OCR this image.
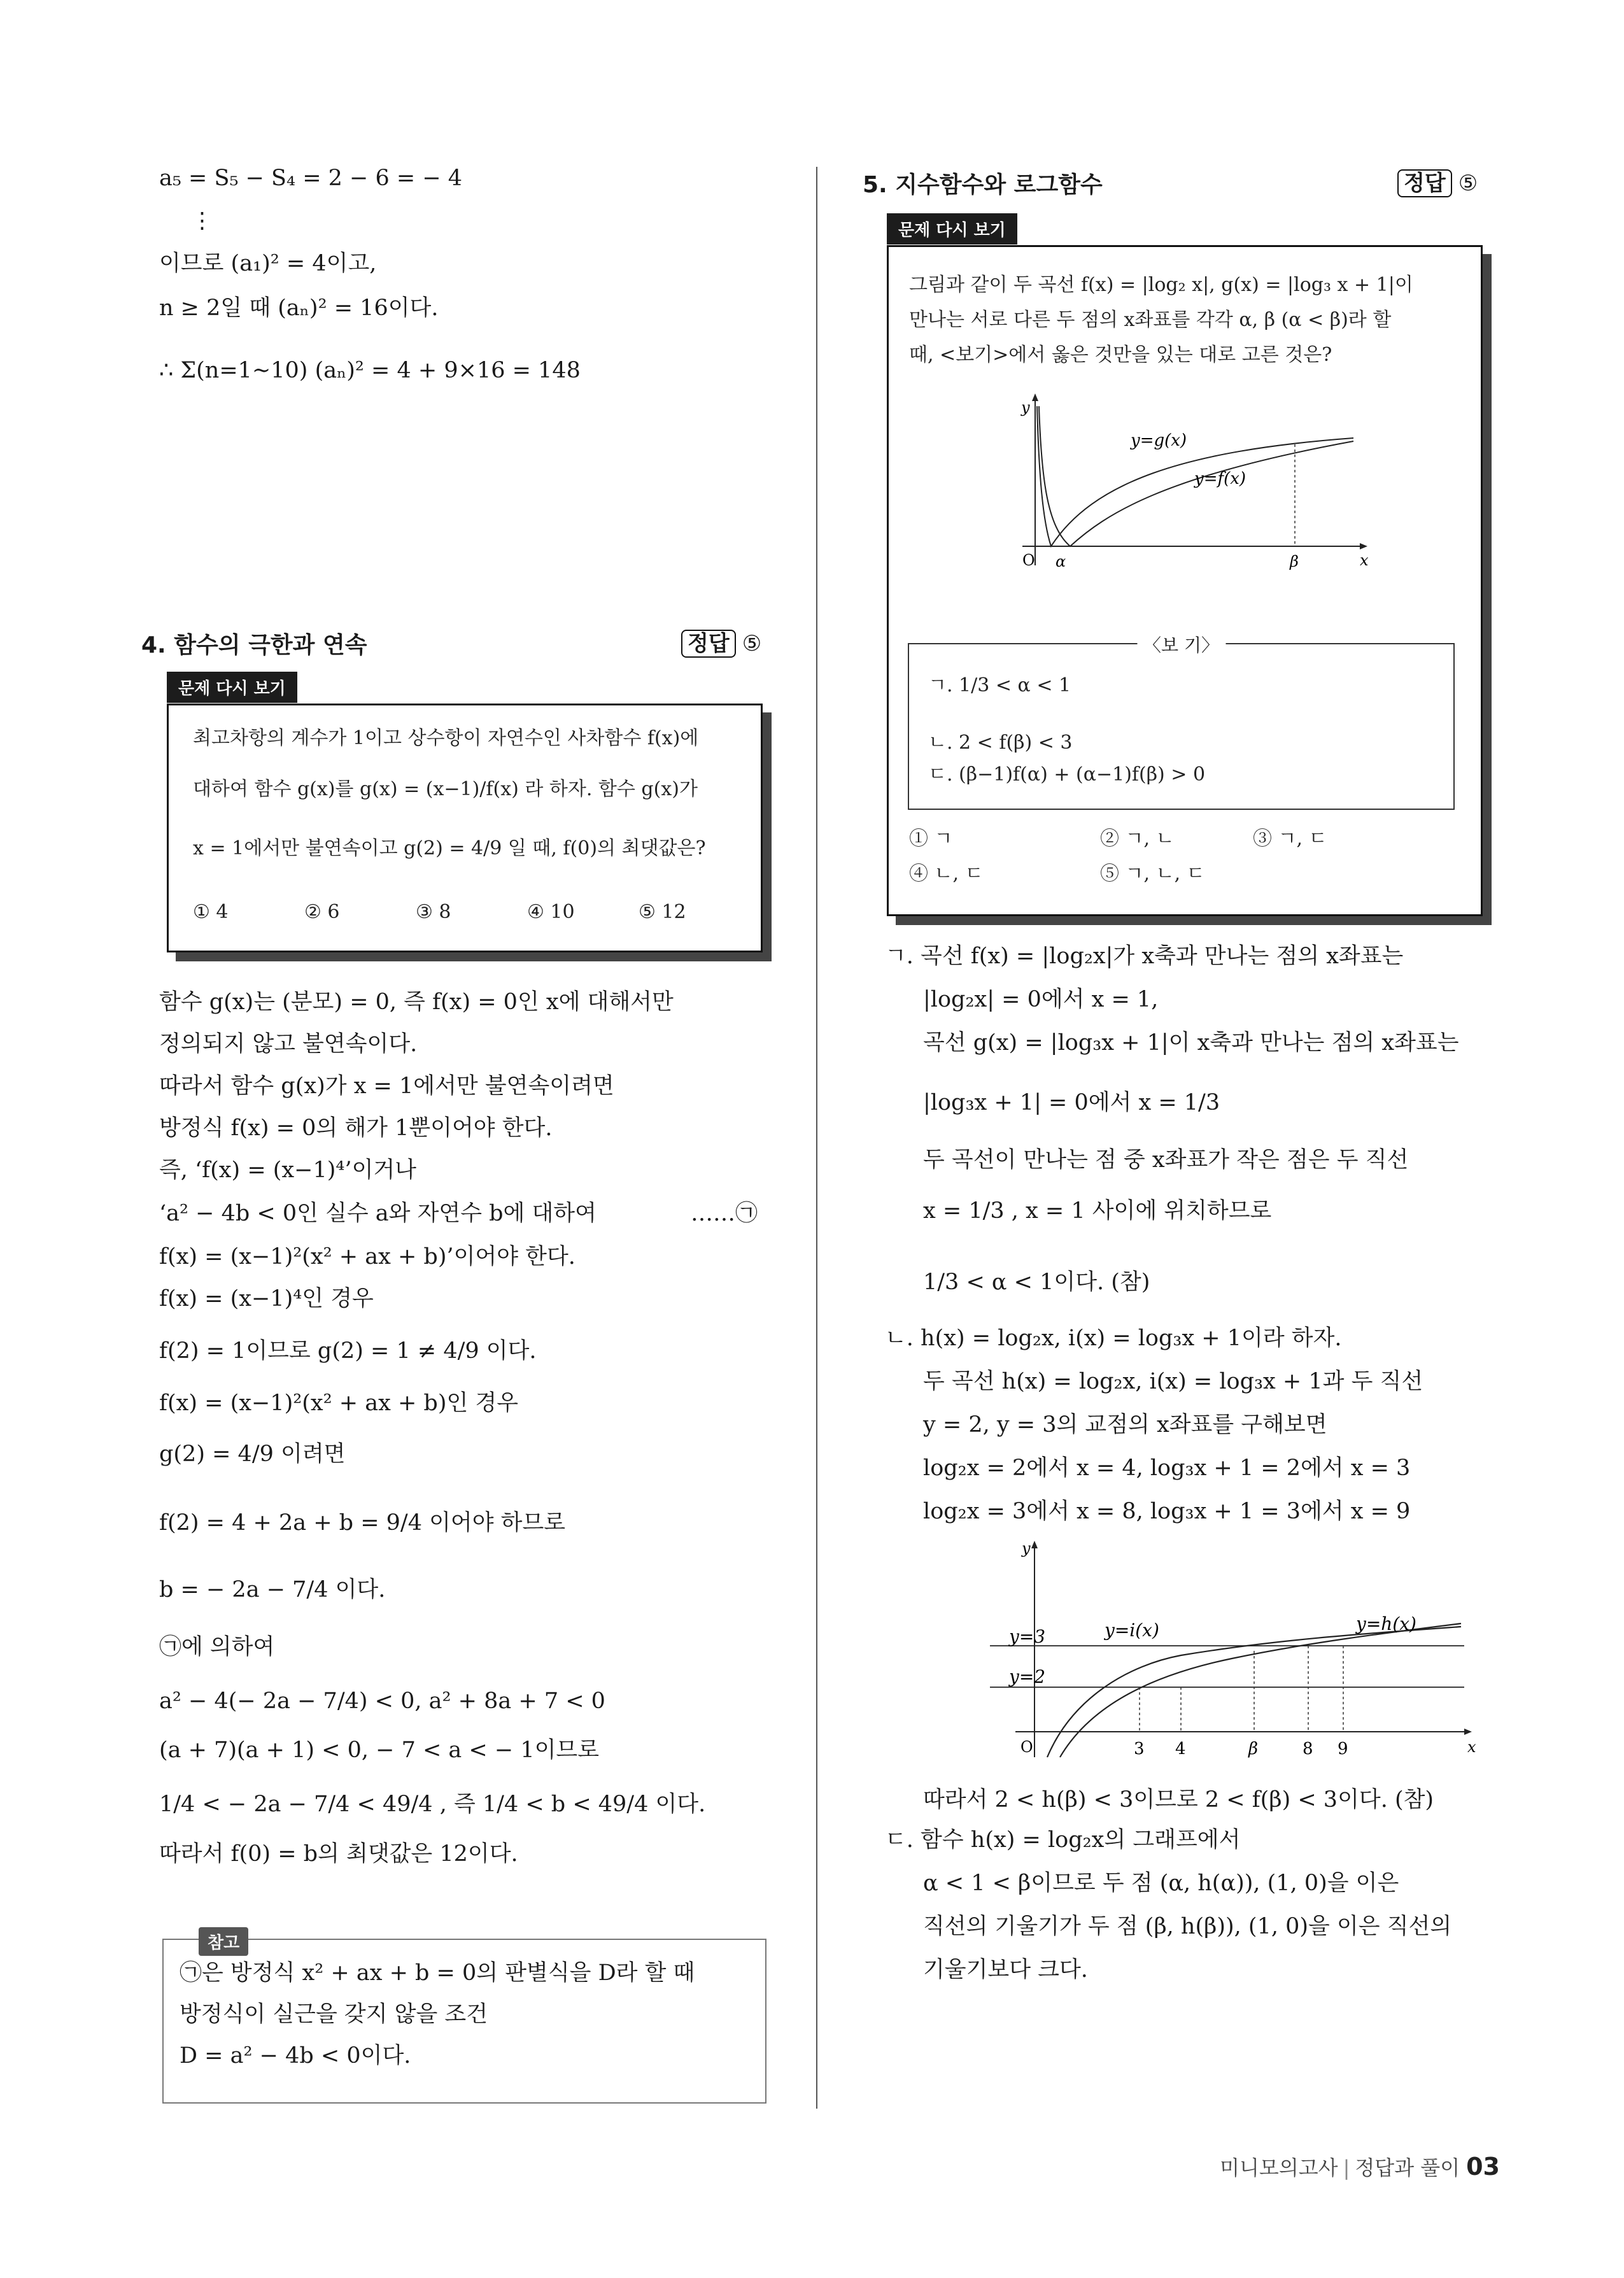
a₅ = S₅ − S₄ = 2 − 6 = − 4
⋮
이므로 (a₁)² = 4이고,
n ≥ 2일 때 (aₙ)² = 16이다.
∴ Σ(n=1~10) (aₙ)² = 4 + 9×16 = 148
4. 함수의 극한과 연속	정답 ⑤
문제 다시 보기
최고차항의 계수가 1이고 상수항이 자연수인 사차함수 f(x)에
대하여 함수 g(x)를 g(x) = (x−1)/f(x) 라 하자. 함수 g(x)가
x = 1에서만 불연속이고 g(2) = 4/9 일 때, f(0)의 최댓값은?
① 4	② 6	③ 8	④ 10	⑤ 12
함수 g(x)는 (분모) = 0, 즉 f(x) = 0인 x에 대해서만
정의되지 않고 불연속이다.
따라서 함수 g(x)가 x = 1에서만 불연속이려면
방정식 f(x) = 0의 해가 1뿐이어야 한다.
즉, ‘f(x) = (x−1)⁴’이거나
‘a² − 4b < 0인 실수 a와 자연수 b에 대하여	……㉠
f(x) = (x−1)²(x² + ax + b)’이어야 한다.
f(x) = (x−1)⁴인 경우
f(2) = 1이므로 g(2) = 1 ≠ 4/9 이다.
f(x) = (x−1)²(x² + ax + b)인 경우
g(2) = 4/9 이려면
f(2) = 4 + 2a + b = 9/4 이어야 하므로
b = − 2a − 7/4 이다.
㉠에 의하여
a² − 4(− 2a − 7/4) < 0, a² + 8a + 7 < 0
(a + 7)(a + 1) < 0, − 7 < a < − 1이므로
1/4 < − 2a − 7/4 < 49/4 , 즉 1/4 < b < 49/4 이다.
따라서 f(0) = b의 최댓값은 12이다.
참고
㉠은 방정식 x² + ax + b = 0의 판별식을 D라 할 때
방정식이 실근을 갖지 않을 조건
D = a² − 4b < 0이다.
5. 지수함수와 로그함수	정답 ⑤
문제 다시 보기
그림과 같이 두 곡선 f(x) = |log₂ x|, g(x) = |log₃ x + 1|이
만나는 서로 다른 두 점의 x좌표를 각각 α, β (α < β)라 할
때, <보기>에서 옳은 것만을 있는 대로 고른 것은?
y
x
O α	β
y=g(x)
y=f(x)
〈보 기〉
ㄱ. 1/3 < α < 1
ㄴ. 2 < f(β) < 3
ㄷ. (β−1)f(α) + (α−1)f(β) > 0
① ㄱ	② ㄱ, ㄴ	③ ㄱ, ㄷ
④ ㄴ, ㄷ	⑤ ㄱ, ㄴ, ㄷ
ㄱ. 곡선 f(x) = |log₂x|가 x축과 만나는 점의 x좌표는
|log₂x| = 0에서 x = 1,
곡선 g(x) = |log₃x + 1|이 x축과 만나는 점의 x좌표는
|log₃x + 1| = 0에서 x = 1/3
두 곡선이 만나는 점 중 x좌표가 작은 점은 두 직선
x = 1/3 , x = 1 사이에 위치하므로
1/3 < α < 1이다. (참)
ㄴ. h(x) = log₂x, i(x) = log₃x + 1이라 하자.
두 곡선 h(x) = log₂x, i(x) = log₃x + 1과 두 직선
y = 2, y = 3의 교점의 x좌표를 구해보면
log₂x = 2에서 x = 4, log₃x + 1 = 2에서 x = 3
log₂x = 3에서 x = 8, log₃x + 1 = 3에서 x = 9
y
x
O
y=3
y=2
y=h(x)
y=i(x)
3 4	β	8 9
따라서 2 < h(β) < 3이므로 2 < f(β) < 3이다. (참)
ㄷ. 함수 h(x) = log₂x의 그래프에서
α < 1 < β이므로 두 점 (α, h(α)), (1, 0)을 이은
직선의 기울기가 두 점 (β, h(β)), (1, 0)을 이은 직선의
기울기보다 크다.
미니모의고사 | 정답과 풀이 03
